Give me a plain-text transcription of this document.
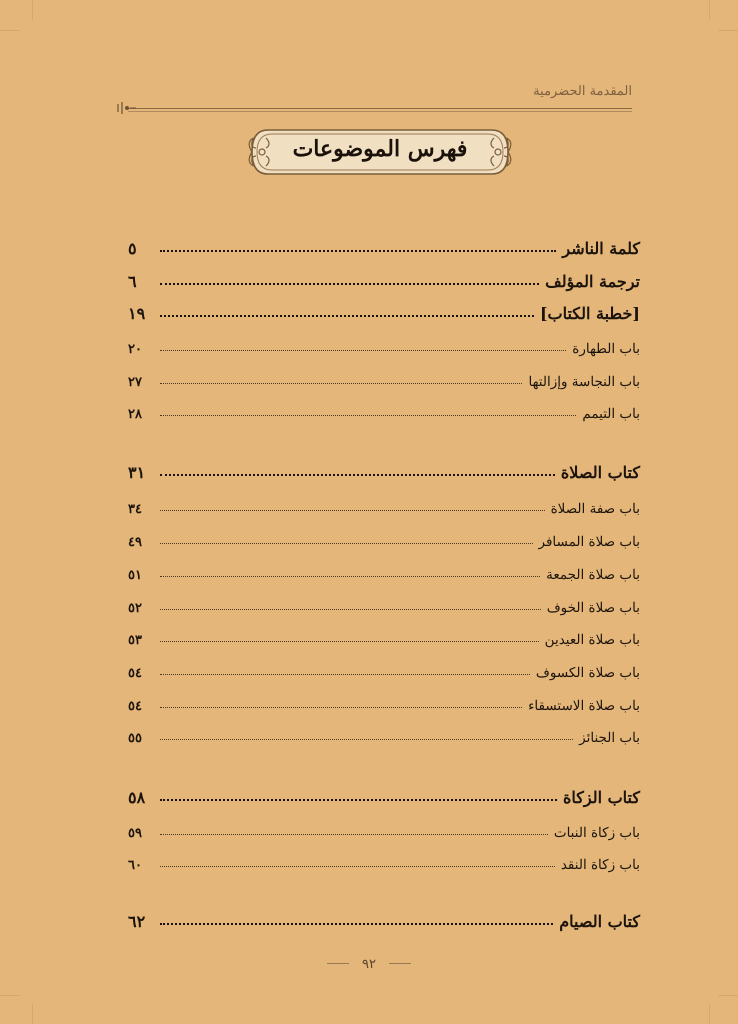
المقدمة الحضرمية
فهرس الموضوعات
كلمة الناشر
٥
ترجمة المؤلف
٦
[خطبة الكتاب]
١٩
باب الطهارة
٢٠
باب النجاسة وإزالتها
٢٧
باب التيمم
٢٨
كتاب الصلاة
٣١
باب صفة الصلاة
٣٤
باب صلاة المسافر
٤٩
باب صلاة الجمعة
٥١
باب صلاة الخوف
٥٢
باب صلاة العيدين
٥٣
باب صلاة الكسوف
٥٤
باب صلاة الاستسقاء
٥٤
باب الجنائز
٥٥
كتاب الزكاة
٥٨
باب زكاة النبات
٥٩
باب زكاة النقد
٦٠
كتاب الصيام
٦٢
٩٢
